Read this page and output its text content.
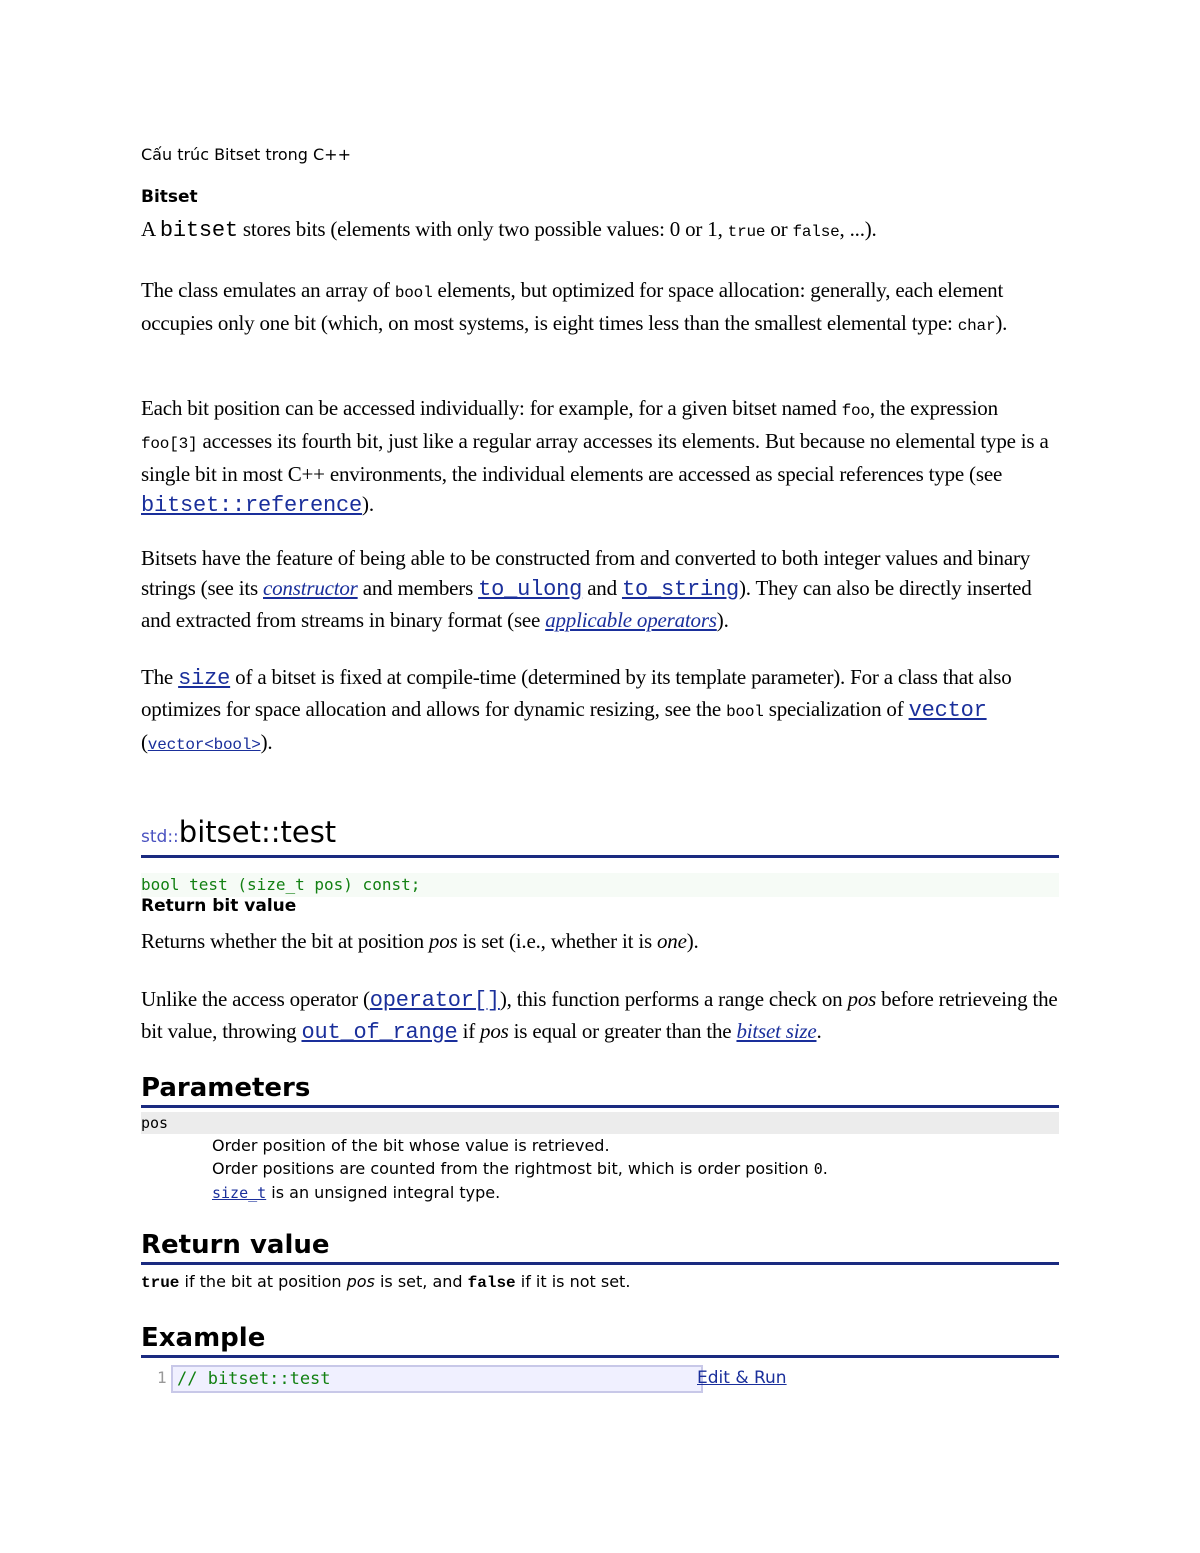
Cấu trúc Bitset trong C++
Bitset
A bitset stores bits (elements with only two possible values: 0 or 1, true or false, ...).
The class emulates an array of bool elements, but optimized for space allocation: generally, each element occupies only one bit (which, on most systems, is eight times less than the smallest elemental type: char).
Each bit position can be accessed individually: for example, for a given bitset named foo, the expression foo[3] accesses its fourth bit, just like a regular array accesses its elements. But because no elemental type is a single bit in most C++ environments, the individual elements are accessed as special references type (see bitset::reference).
Bitsets have the feature of being able to be constructed from and converted to both integer values and binary strings (see its constructor and members to_ulong and to_string). They can also be directly inserted and extracted from streams in binary format (see applicable operators).
The size of a bitset is fixed at compile-time (determined by its template parameter). For a class that also optimizes for space allocation and allows for dynamic resizing, see the bool specialization of vector (vector<bool>).
std::bitset::test
bool test (size_t pos) const;
Return bit value
Returns whether the bit at position pos is set (i.e., whether it is one).
Unlike the access operator (operator[]), this function performs a range check on pos before retrieveing the bit value, throwing out_of_range if pos is equal or greater than the bitset size.
Parameters
pos
Order position of the bit whose value is retrieved.
Order positions are counted from the rightmost bit, which is order position 0.
size_t is an unsigned integral type.
Return value
true if the bit at position pos is set, and false if it is not set.
Example
1 // bitset::test	Edit & Run
